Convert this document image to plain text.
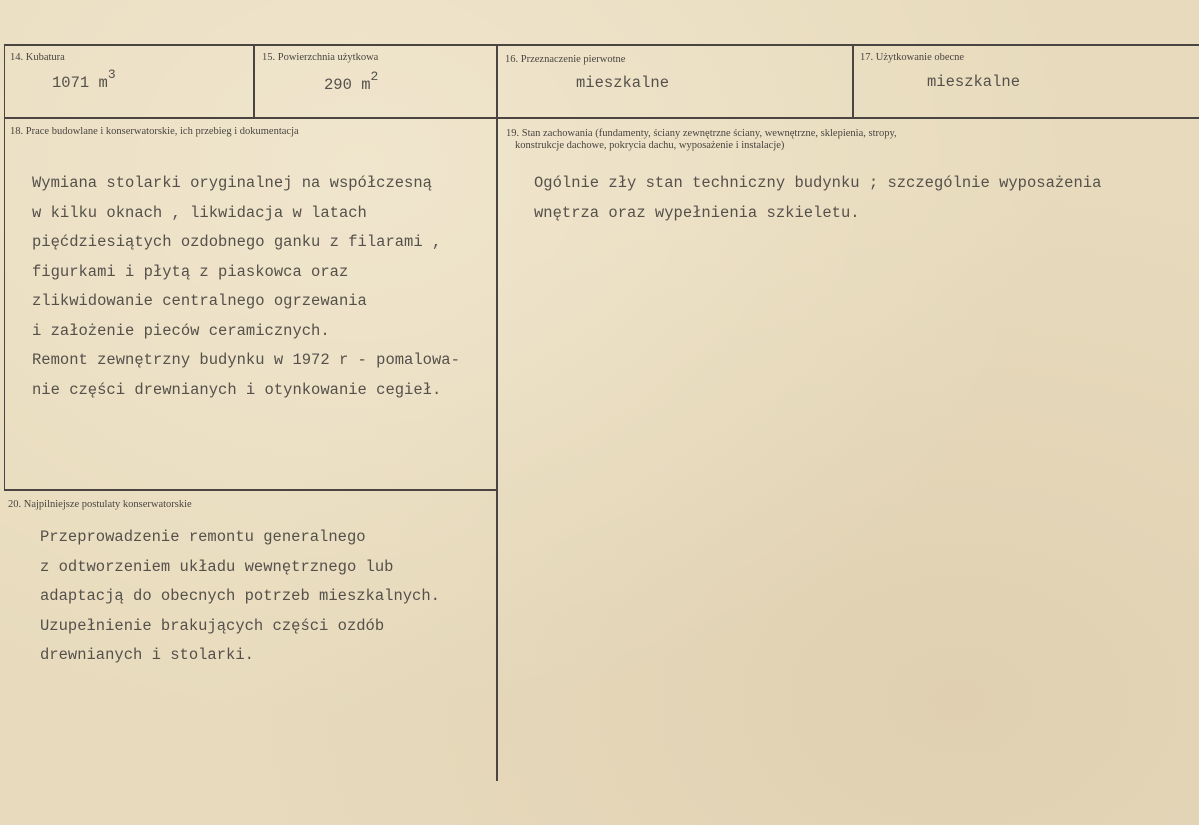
14. Kubatura
1071 $m^3$
15. Powierzchnia użytkowa
290 $m^2$
16. Przeznaczenie pierwotne
mieszkalne
17. Użytkowanie obecne
mieszkalne
18. Prace budowlane i konserwatorskie, ich przebieg i dokumentacja
Wymiana stolarki oryginalnej na współczesną
w kilku oknach , likwidacja w latach
pięćdziesiątych ozdobnego ganku z filarami ,
figurkami i płytą z piaskowca oraz
zlikwidowanie centralnego ogrzewania
i założenie pieców ceramicznych.
Remont zewnętrzny budynku w 1972 r - pomalowa-
nie części drewnianych i otynkowanie cegieł.
19. Stan zachowania (fundamenty, ściany zewnętrzne ściany, wewnętrzne, sklepienia, stropy,
konstrukcje dachowe, pokrycia dachu, wyposażenie i instalacje)
Ogólnie zły stan techniczny budynku ; szczególnie wyposażenia
wnętrza oraz wypełnienia szkieletu.
20. Najpilniejsze postulaty konserwatorskie
Przeprowadzenie remontu generalnego
z odtworzeniem układu wewnętrznego lub
adaptacją do obecnych potrzeb mieszkalnych.
Uzupełnienie brakujących części ozdób
drewnianych i stolarki.
